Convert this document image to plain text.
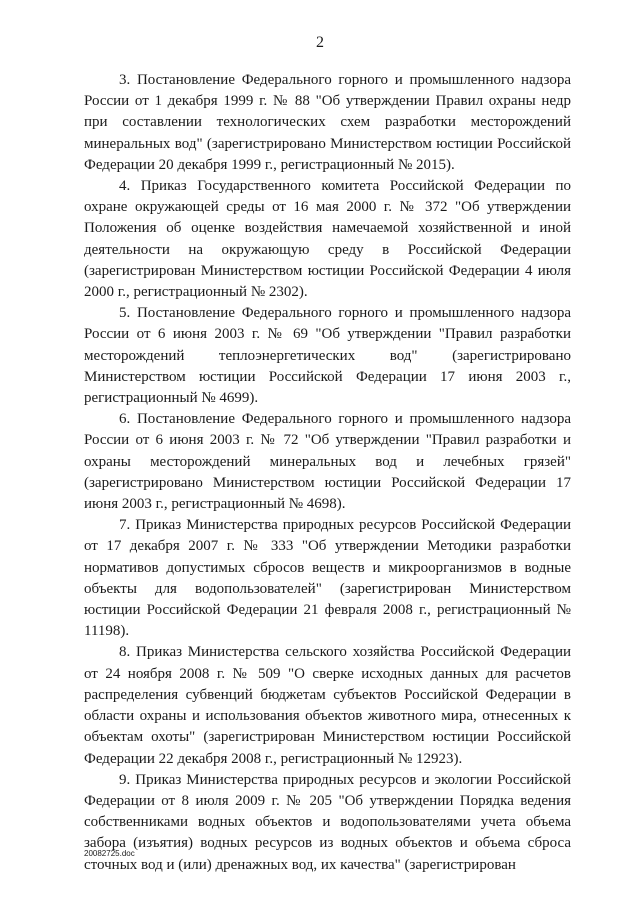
2

3. Постановление Федерального горного и промышленного надзора России от 1 декабря 1999 г. № 88 "Об утверждении Правил охраны недр при составлении технологических схем разработки месторождений минеральных вод" (зарегистрировано Министерством юстиции Российской Федерации 20 декабря 1999 г., регистрационный № 2015).

4. Приказ Государственного комитета Российской Федерации по охране окружающей среды от 16 мая 2000 г. № 372 "Об утверждении Положения об оценке воздействия намечаемой хозяйственной и иной деятельности на окружающую среду в Российской Федерации (зарегистрирован Министерством юстиции Российской Федерации 4 июля 2000 г., регистрационный № 2302).

5. Постановление Федерального горного и промышленного надзора России от 6 июня 2003 г. № 69 "Об утверждении "Правил разработки месторождений теплоэнергетических вод" (зарегистрировано Министерством юстиции Российской Федерации 17 июня 2003 г., регистрационный № 4699).

6. Постановление Федерального горного и промышленного надзора России от 6 июня 2003 г. № 72 "Об утверждении "Правил разработки и охраны месторождений минеральных вод и лечебных грязей" (зарегистрировано Министерством юстиции Российской Федерации 17 июня 2003 г., регистрационный № 4698).

7. Приказ Министерства природных ресурсов Российской Федерации от 17 декабря 2007 г. № 333 "Об утверждении Методики разработки нормативов допустимых сбросов веществ и микроорганизмов в водные объекты для водопользователей" (зарегистрирован Министерством юстиции Российской Федерации 21 февраля 2008 г., регистрационный № 11198).

8. Приказ Министерства сельского хозяйства Российской Федерации от 24 ноября 2008 г. № 509 "О сверке исходных данных для расчетов распределения субвенций бюджетам субъектов Российской Федерации в области охраны и использования объектов животного мира, отнесенных к объектам охоты" (зарегистрирован Министерством юстиции Российской Федерации 22 декабря 2008 г., регистрационный № 12923).

9. Приказ Министерства природных ресурсов и экологии Российской Федерации от 8 июля 2009 г. № 205 "Об утверждении Порядка ведения собственниками водных объектов и водопользователями учета объема забора (изъятия) водных ресурсов из водных объектов и объема сброса сточных вод и (или) дренажных вод, их качества" (зарегистрирован

20082725.doc
